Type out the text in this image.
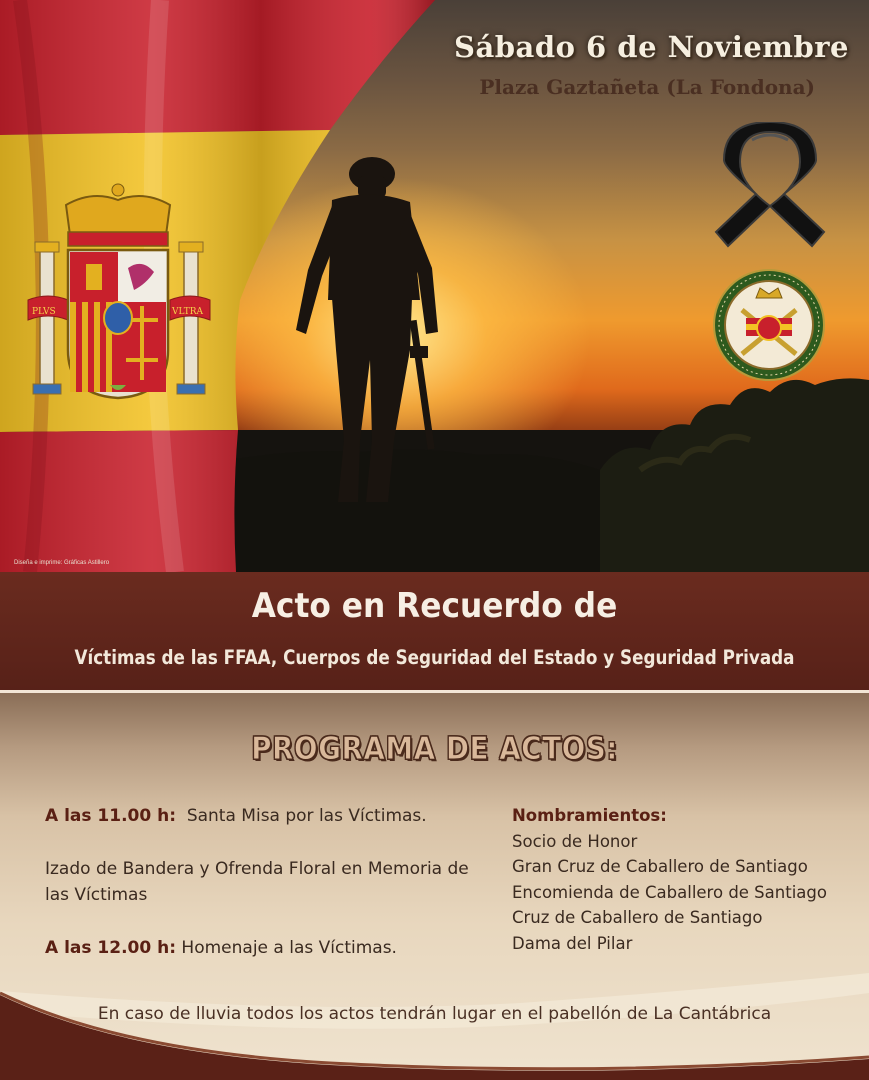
PLVS	VLTRA
Diseña e imprime: Gráficas Astillero
Sábado 6 de Noviembre
Plaza Gaztañeta (La Fondona)
Acto en Recuerdo de
Víctimas de las FFAA, Cuerpos de Seguridad del Estado y Seguridad Privada
PROGRAMA DE ACTOS:

A las 11.00 h: Santa Misa por las Víctimas.

Izado de Bandera y Ofrenda Floral en Memoria de las Víctimas

A las 12.00 h: Homenaje a las Víctimas.

Nombramientos:
Socio de Honor
Gran Cruz de Caballero de Santiago
Encomienda de Caballero de Santiago
Cruz de Caballero de Santiago
Dama del Pilar
En caso de lluvia todos los actos tendrán lugar en el pabellón de La Cantábrica
